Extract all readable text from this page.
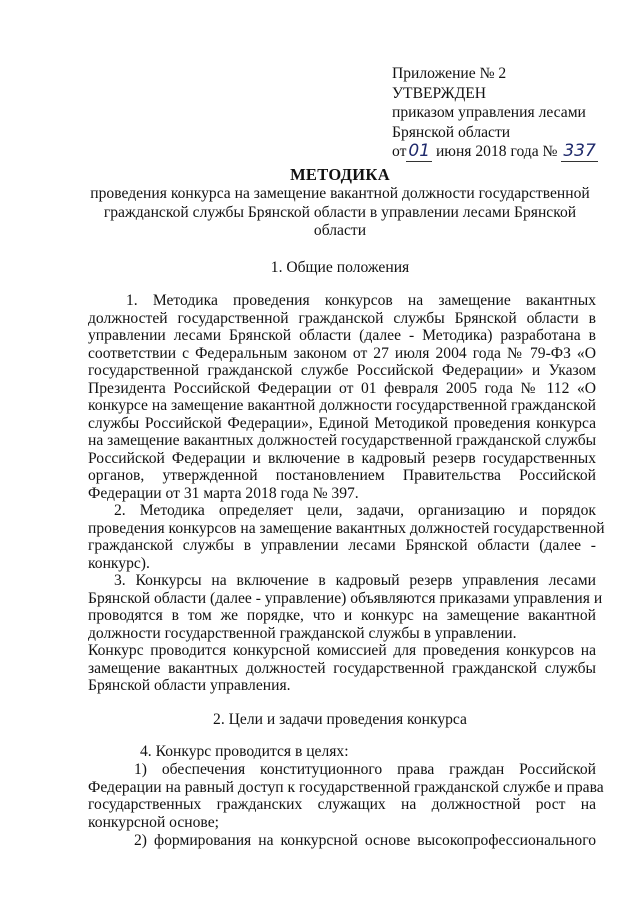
Приложение № 2
УТВЕРЖДЕН
приказом управления лесами
Брянской области
от 01 июня 2018 года № 337
МЕТОДИКА
проведения конкурса на замещение вакантной должности государственной
гражданской службы Брянской области в управлении лесами Брянской
области
1. Общие положения
1. Методика проведения конкурсов на замещение вакантных
должностей государственной гражданской службы Брянской области в
управлении лесами Брянской области (далее - Методика) разработана в
соответствии с Федеральным законом от 27 июля 2004 года № 79-ФЗ «О
государственной гражданской службе Российской Федерации» и Указом
Президента Российской Федерации от 01 февраля 2005 года № 112 «О
конкурсе на замещение вакантной должности государственной гражданской
службы Российской Федерации», Единой Методикой проведения конкурса
на замещение вакантных должностей государственной гражданской службы
Российской Федерации и включение в кадровый резерв государственных
органов, утвержденной постановлением Правительства Российской
Федерации от 31 марта 2018 года № 397.
2. Методика определяет цели, задачи, организацию и порядок
проведения конкурсов на замещение вакантных должностей государственной
гражданской службы в управлении лесами Брянской области (далее -
конкурс).
3. Конкурсы на включение в кадровый резерв управления лесами
Брянской области (далее - управление) объявляются приказами управления и
проводятся в том же порядке, что и конкурс на замещение вакантной
должности государственной гражданской службы в управлении.
Конкурс проводится конкурсной комиссией для проведения конкурсов на
замещение вакантных должностей государственной гражданской службы
Брянской области управления.
2. Цели и задачи проведения конкурса
4. Конкурс проводится в целях:
1) обеспечения конституционного права граждан Российской
Федерации на равный доступ к государственной гражданской службе и права
государственных гражданских служащих на должностной рост на
конкурсной основе;
2) формирования на конкурсной основе высокопрофессионального
